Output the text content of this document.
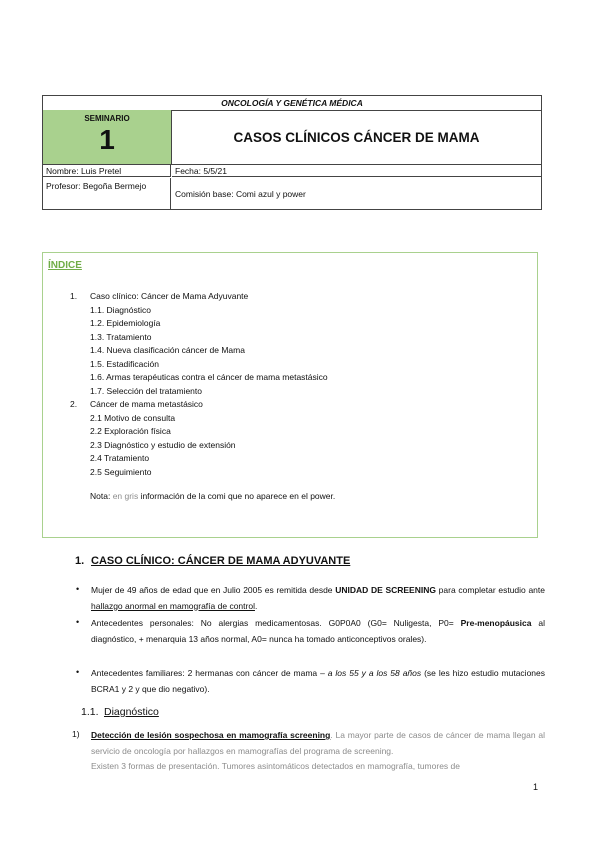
ONCOLOGÍA Y GENÉTICA MÉDICA
SEMINARIO
1	CASOS CLÍNICOS CÁNCER DE MAMA
Nombre: Luis Pretel	Fecha: 5/5/21
Profesor: Begoña Bermejo
Comisión base: Comi azul y power
ÍNDICE
1. Caso clínico: Cáncer de Mama Adyuvante
1.1. Diagnóstico
1.2. Epidemiología
1.3. Tratamiento
1.4. Nueva clasificación cáncer de Mama
1.5. Estadificación
1.6. Armas terapéuticas contra el cáncer de mama metastásico
1.7. Selección del tratamiento
2. Cáncer de mama metastásico
2.1 Motivo de consulta
2.2 Exploración física
2.3 Diagnóstico y estudio de extensión
2.4 Tratamiento
2.5 Seguimiento
Nota: en gris información de la comi que no aparece en el power.
1. CASO CLÍNICO: CÁNCER DE MAMA ADYUVANTE
• Mujer de 49 años de edad que en Julio 2005 es remitida desde UNIDAD DE SCREENING para completar estudio ante hallazgo anormal en mamografía de control.
• Antecedentes personales: No alergias medicamentosas. G0P0A0 (G0= Nuligesta, P0= Pre-menopáusica al diagnóstico, + menarquia 13 años normal, A0= nunca ha tomado anticonceptivos orales).
• Antecedentes familiares: 2 hermanas con cáncer de mama – a los 55 y a los 58 años (se les hizo estudio mutaciones BCRA1 y 2 y que dio negativo).
1.1. Diagnóstico
1) Detección de lesión sospechosa en mamografía screening. La mayor parte de casos de cáncer de mama llegan al servicio de oncología por hallazgos en mamografías del programa de screening.
Existen 3 formas de presentación. Tumores asintomáticos detectados en mamografía, tumores de
1
